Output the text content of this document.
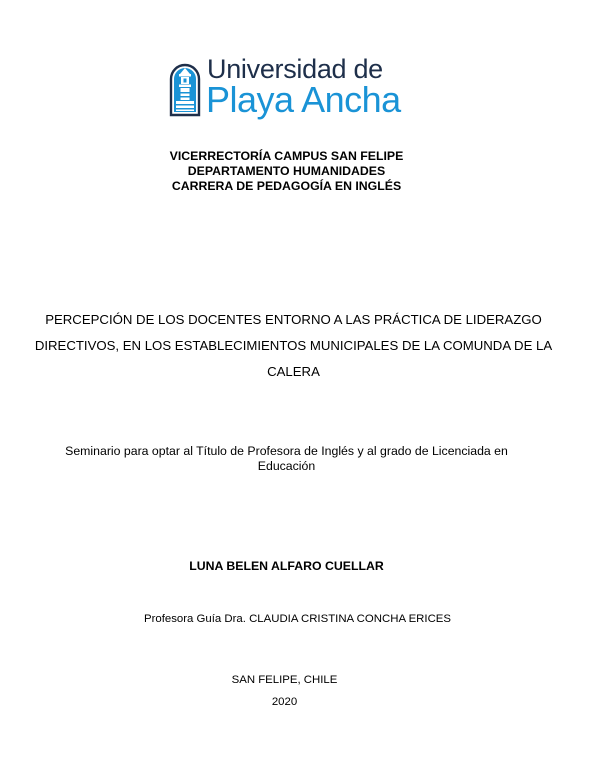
Universidad de
Playa Ancha
VICERRECTORÍA CAMPUS SAN FELIPE
DEPARTAMENTO HUMANIDADES
CARRERA DE PEDAGOGÍA EN INGLÉS
PERCEPCIÓN DE LOS DOCENTES ENTORNO A LAS PRÁCTICA DE LIDERAZGO
DIRECTIVOS, EN LOS ESTABLECIMIENTOS MUNICIPALES DE LA COMUNDA DE LA
CALERA
Seminario para optar al Título de Profesora de Inglés y al grado de Licenciada en
Educación
LUNA BELEN ALFARO CUELLAR
Profesora Guía Dra. CLAUDIA CRISTINA CONCHA ERICES
SAN FELIPE, CHILE
2020
